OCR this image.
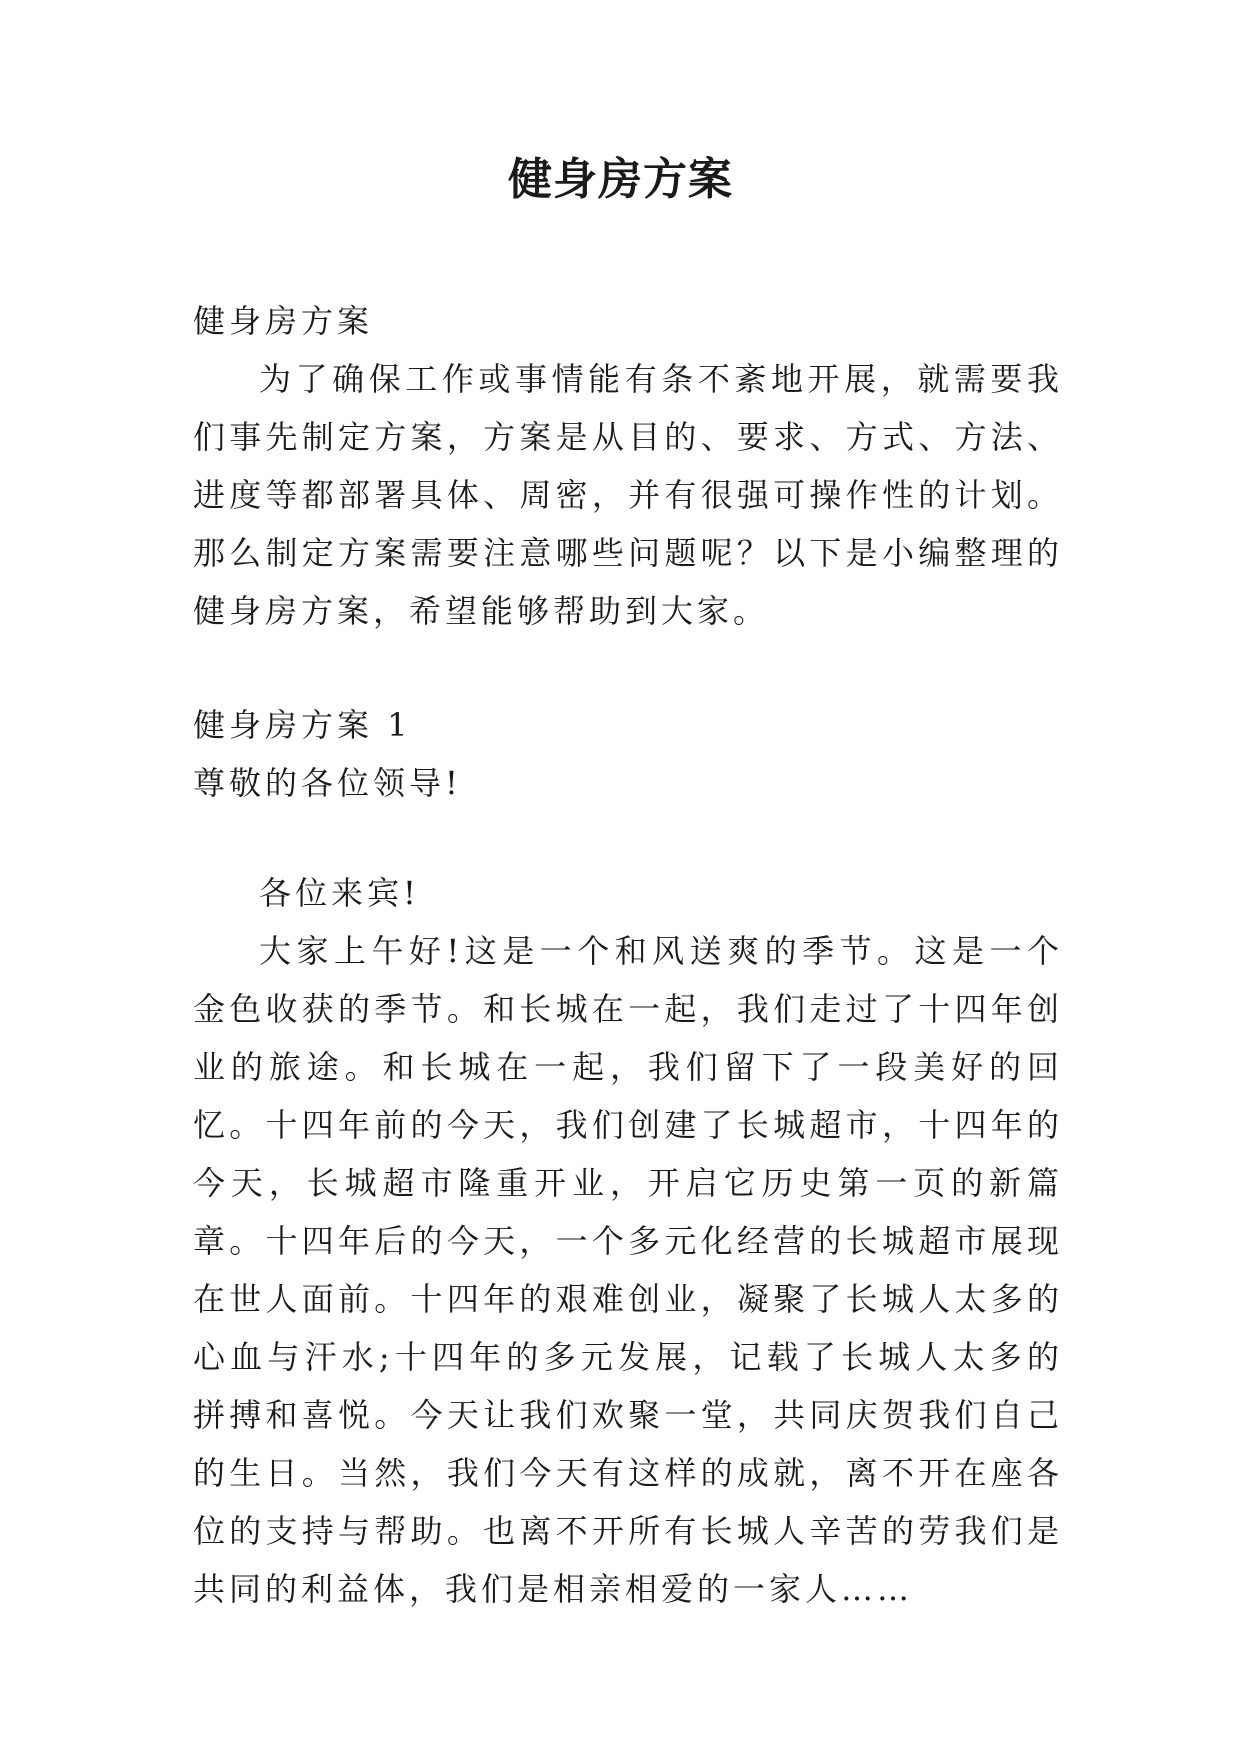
健身房方案

健身房方案

为了确保工作或事情能有条不紊地开展，就需要我们事先制定方案，方案是从目的、要求、方式、方法、进度等都部署具体、周密，并有很强可操作性的计划。那么制定方案需要注意哪些问题呢？以下是小编整理的健身房方案，希望能够帮助到大家。

健身房方案 1

尊敬的各位领导!

各位来宾!

大家上午好!这是一个和风送爽的季节。这是一个金色收获的季节。和长城在一起，我们走过了十四年创业的旅途。和长城在一起，我们留下了一段美好的回忆。十四年前的今天，我们创建了长城超市，十四年的今天，长城超市隆重开业，开启它历史第一页的新篇章。十四年后的今天，一个多元化经营的长城超市展现在世人面前。十四年的艰难创业，凝聚了长城人太多的心血与汗水;十四年的多元发展，记载了长城人太多的拼搏和喜悦。今天让我们欢聚一堂，共同庆贺我们自己的生日。当然，我们今天有这样的成就，离不开在座各位的支持与帮助。也离不开所有长城人辛苦的劳我们是共同的利益体，我们是相亲相爱的一家人……
